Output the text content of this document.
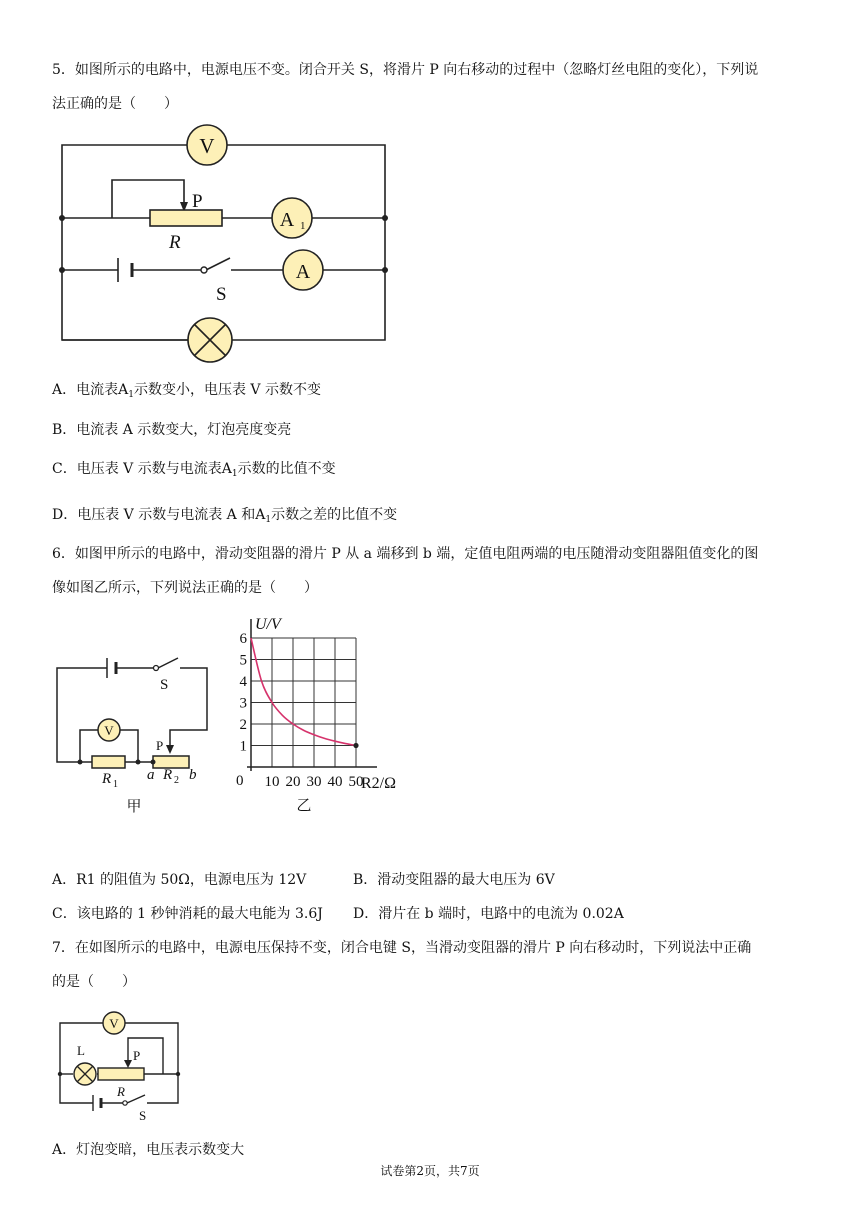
5．如图所示的电路中，电源电压不变。闭合开关 S，将滑片 P 向右移动的过程中（忽略灯丝电阻的变化），下列说
法正确的是（　　）
V
P
R
A 1
A
S
A．电流表$A_1$示数变小，电压表 V 示数不变
B．电流表 A 示数变大，灯泡亮度变亮
C．电压表 V 示数与电流表$A_1$示数的比值不变
D．电压表 V 示数与电流表 A 和$A_1$示数之差的比值不变
6．如图甲所示的电路中，滑动变阻器的滑片 P 从 a 端移到 b 端，定值电阻两端的电压随滑动变阻器阻值变化的图
像如图乙所示，下列说法正确的是（　　）
S
V
P
R 1
a R 2 b
甲
10 20 30 40 50
1
2
3
4
5
6
U/V
R2/Ω
0
乙
A．R1 的阻值为 50Ω，电源电压为 12V	B．滑动变阻器的最大电压为 6V
C．该电路的 1 秒钟消耗的最大电能为 3.6J D．滑片在 b 端时，电路中的电流为 0.02A
7．在如图所示的电路中，电源电压保持不变，闭合电键 S，当滑动变阻器的滑片 P 向右移动时，下列说法中正确
的是（　　）
V
L	P
R
S
A．灯泡变暗，电压表示数变大
试卷第2页，共7页
